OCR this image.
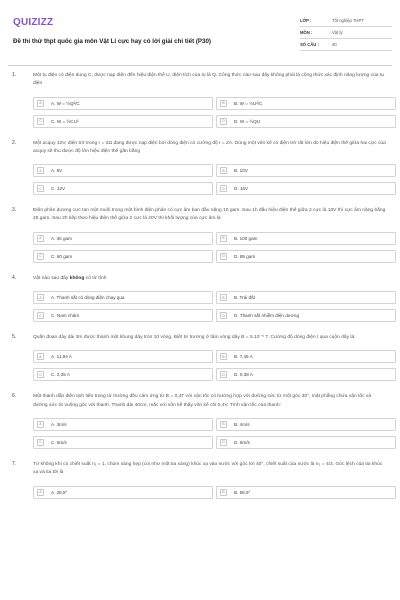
QUIZIZZ
Đề thi thử thpt quốc gia môn Vật Lí cực hay có lời giải chi tiết (P30)
LỚP :	Tốt nghiệp THPT
MÔN :	Vật lý
SỐ CÂU :	40
1.	Một tụ điện có điện dung C, được nạp điện đến hiệu điện thế U, điện tích của tụ là Q. Công thức nào sau đây không phải là công thức xác định năng lượng của tụ điện
A	A. W = ½Q²/C	B	B. W = ½U²/C
C	C. W = ½CU²	D	D. W = ½QU
2.	Một acquy 12V, điện trở trong r = 2Ω đang được nạp điện bởi dòng điện có cường độ I = 2A. Dùng một vôn kế có điện trở rất lớn đo hiệu điện thế giữa hai cực của acquy sẽ thu được độ lớn hiệu điện thế gần bằng
A	A. 8V	B	B. 10V
C	C. 12V	D	D. 16V
3.	Điện phân dương cực tan một muối trong một bình điện phân có cực âm ban đầu nặng 10 gam. Sau 1h đầu hiệu điện thế giữa 2 cực là 10V thì cực âm nặng bằng 25 gam. Sau 2h tiếp theo hiệu điện thế giữa 2 cực là 20V thì khối lượng của cực âm là
A	A. 35 gam	B	B. 100 gam
C	C. 60 gam	D	D. 85 gam
4.	Vật nào sau đây không có từ tính
A	A. Thanh sắt có dòng điện chạy qua	B	B. Trái đất
C	C. Nam châm	D	D. Thanh sắt nhiễm điện dương
5.	Quấn đoạn dây dài 3m được thành một khung dây tròn 10 vòng. Biết từ trường ở tâm vòng dây B = 5.10⁻⁵ T. Cường độ dòng điện I qua cuộn dây là:
A	A. 11,94 A	B	B. 7,45 A
C	C. 2,35 A	D	D. 0,38 A
6.	Một thanh dẫn điện tịnh tiến trong từ trường đều cảm ứng từ B = 0,4T với vận tốc có hướng hợp với đường sức từ một góc 30°, mặt phẳng chứa vận tốc và đường sức từ vuông góc với thanh. Thanh dài 40cm, mắc với vôn kế thấy vôn kế chỉ 0,4V. Tính vận tốc của thanh:
A	A. 3m/s	B	B. 4m/s
C	C. 5m/s	D	D. 6m/s
7.	Từ không khí có chiết suất n₁ = 1, chùm sáng hẹp (coi như một tia sáng) khúc xạ vào nước với góc tới 40°, chiết suất của nước là n₂ = 4/3. Góc lệch của tia khúc xạ và tia tới là
A	A. 28,8°	B	B. 58,9°
